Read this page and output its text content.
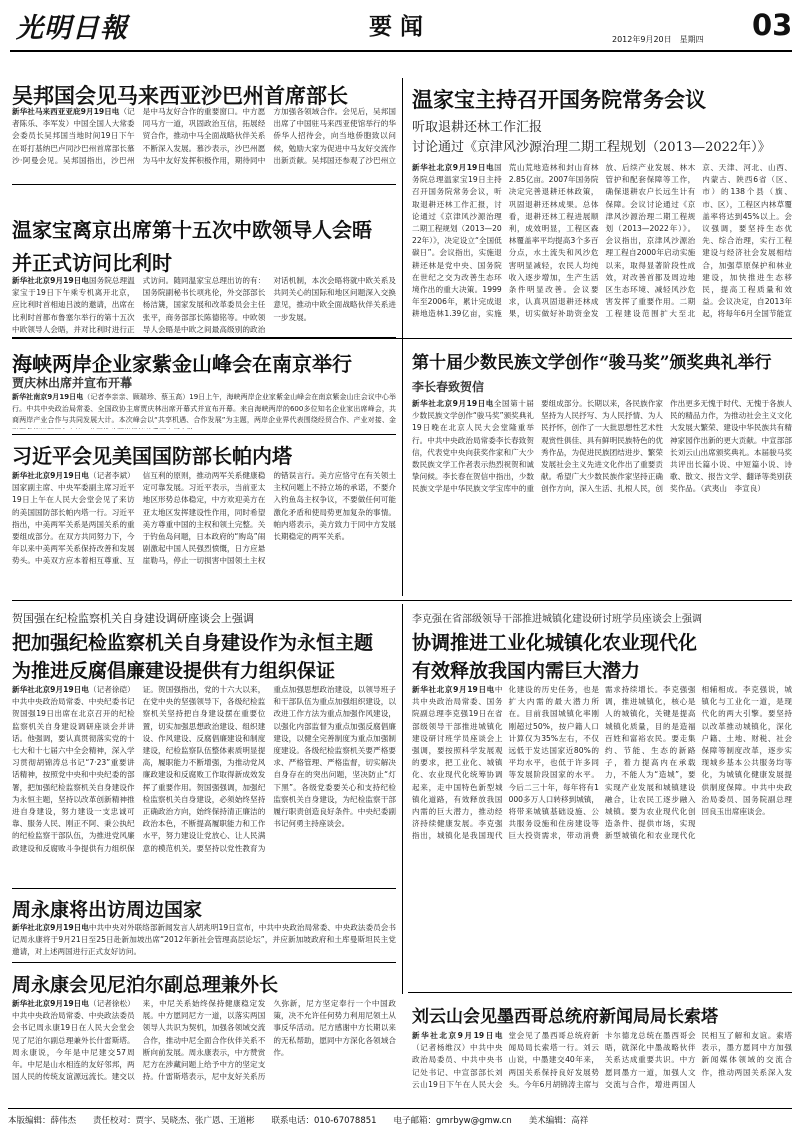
光明日報	要闻	2012年9月20日　星期四 03
吴邦国会见马来西亚沙巴州首席部长
新华社马来西亚亚庇9月19日电（记者陈乐、李军发）中国全国人大常委会委员长吴邦国当地时间19日下午在哥打基纳巴卢同沙巴州首席部长慕沙·阿曼会见。吴邦国指出，沙巴州是中马友好合作的重要窗口。中方愿同马方一道，巩固政治互信，拓展经贸合作，推动中马全面战略伙伴关系不断深入发展。慕沙表示，沙巴州愿为马中友好发挥积极作用，期待同中方加强各领域合作。会见后，吴邦国出席了中国驻马来西亚使馆举行的华侨华人招待会，向当地侨胞致以问候，勉励大家为促进中马友好交流作出新贡献。吴邦国还参观了沙巴州立
温家宝离京出席第十五次中欧领导人会晤
并正式访问比利时
新华社北京9月19日电国务院总理温家宝于19日下午乘专机离开北京，应比利时首相迪吕波的邀请，出席在比利时首都布鲁塞尔举行的第十五次中欧领导人会晤，并对比利时进行正式访问。随同温家宝总理出访的有：国务院副秘书长项兆伦，外交部部长杨洁篪，国家发展和改革委员会主任张平，商务部部长陈德铭等。中欧领导人会晤是中欧之间最高级别的政治对话机制，本次会晤将就中欧关系及共同关心的国际和地区问题深入交换意见，推动中欧全面战略伙伴关系进一步发展。
温家宝主持召开国务院常务会议
听取退耕还林工作汇报
讨论通过《京津风沙源治理二期工程规划（2013—2022年）》
新华社北京9月19日电国务院总理温家宝19日主持召开国务院常务会议，听取退耕还林工作汇报，讨论通过《京津风沙源治理二期工程规划（2013—2022年）》，决定设立“全国低碳日”。会议指出，实施退耕还林是党中央、国务院在世纪之交为改善生态环境作出的重大决策。1999年至2006年，累计完成退耕地造林1.39亿亩，实施荒山荒地造林和封山育林2.85亿亩。2007年国务院决定完善退耕还林政策，巩固退耕还林成果。总体看，退耕还林工程进展顺利，成效明显，工程区森林覆盖率平均提高3个多百分点，水土流失和风沙危害明显减轻，农民人均纯收入逐步增加，生产生活条件明显改善。会议要求，认真巩固退耕还林成果，切实做好补助资金发放、后续产业发展、林木管护和配套保障等工作，确保退耕农户长远生计有保障。会议讨论通过《京津风沙源治理二期工程规划（2013—2022年）》。会议指出，京津风沙源治理工程自2000年启动实施以来，取得显著阶段性成效，对改善首都及周边地区生态环境、减轻风沙危害发挥了重要作用。二期工程建设范围扩大至北京、天津、河北、山西、内蒙古、陕西6省（区、市）的138个县（旗、市、区），工程区内林草覆盖率将达到45%以上。会议强调，要坚持生态优先、综合治理，实行工程建设与经济社会发展相结合，加强草原保护和林业建设，加快推进生态移民，提高工程质量和效益。会议决定，自2013年起，将每年6月全国节能宣
海峡两岸企业家紫金山峰会在南京举行
贾庆林出席并宣布开幕
新华社南京9月19日电（记者李亲亲、顾瑞珍、蔡玉高）19日上午，海峡两岸企业家紫金山峰会在南京紫金山庄会议中心举行。中共中央政治局常委、全国政协主席贾庆林出席开幕式并宣布开幕。来自海峡两岸的600多位知名企业家出席峰会，共商两岸产业合作与共同发展大计。本次峰会以“共享机遇、合作发展”为主题，两岸企业界代表围绕经贸合作、产业对接、金
习近平会见美国国防部长帕内塔
新华社北京9月19日电（记者李斌）国家副主席、中央军委副主席习近平19日上午在人民大会堂会见了来访的美国国防部长帕内塔一行。习近平指出，中美两军关系是两国关系的重要组成部分。在双方共同努力下，今年以来中美两军关系保持改善和发展势头。中美双方应本着相互尊重、互信互利的原则，推动两军关系健康稳定可靠发展。习近平表示，当前亚太地区形势总体稳定，中方欢迎美方在亚太地区发挥建设性作用，同时希望美方尊重中国的主权和领土完整。关于钓鱼岛问题，日本政府的“购岛”闹剧激起中国人民强烈愤慨，日方应悬崖勒马，停止一切损害中国领土主权的错误言行。美方应恪守在有关领土主权问题上不持立场的承诺，不要介入钓鱼岛主权争议，不要做任何可能激化矛盾和使局势更加复杂的事情。帕内塔表示，美方致力于同中方发展长期稳定的两军关系。
第十届少数民族文学创作“骏马奖”颁奖典礼举行
李长春致贺信
新华社北京9月19日电全国第十届少数民族文学创作“骏马奖”颁奖典礼19日晚在北京人民大会堂隆重举行。中共中央政治局常委李长春致贺信，代表党中央向获奖作家和广大少数民族文学工作者表示热烈祝贺和诚挚问候。李长春在贺信中指出，少数民族文学是中华民族文学宝库中的重要组成部分。长期以来，各民族作家坚持为人民抒写、为人民抒情、为人民抒怀，创作了一大批思想性艺术性观赏性俱佳、具有鲜明民族特色的优秀作品，为促进民族团结进步、繁荣发展社会主义先进文化作出了重要贡献。希望广大少数民族作家坚持正确创作方向，深入生活、扎根人民，创作出更多无愧于时代、无愧于各族人民的精品力作，为推动社会主义文化大发展大繁荣、建设中华民族共有精神家园作出新的更大贡献。中宣部部长刘云山出席颁奖典礼。本届骏马奖共评出长篇小说、中短篇小说、诗歌、散文、报告文学、翻译等类别获奖作品。（武夷山　李宣良）
贺国强在纪检监察机关自身建设调研座谈会上强调
把加强纪检监察机关自身建设作为永恒主题
为推进反腐倡廉建设提供有力组织保证
新华社北京9月19日电（记者徐硙）中共中央政治局常委、中央纪委书记贺国强19日出席在北京召开的纪检监察机关自身建设调研座谈会并讲话。他强调，要认真贯彻落实党的十七大和十七届六中全会精神，深入学习贯彻胡锦涛总书记“7·23”重要讲话精神，按照党中央和中央纪委的部署，把加强纪检监察机关自身建设作为永恒主题，坚持以改革创新精神推进自身建设，努力建设一支忠诚可靠、服务人民、刚正不阿、秉公执纪的纪检监察干部队伍，为推进党风廉政建设和反腐败斗争提供有力组织保证。贺国强指出，党的十六大以来，在党中央的坚强领导下，各级纪检监察机关坚持把自身建设摆在重要位置，切实加强思想政治建设、组织建设、作风建设、反腐倡廉建设和制度建设，纪检监察队伍整体素质明显提高，履职能力不断增强，为推动党风廉政建设和反腐败工作取得新成效发挥了重要作用。贺国强强调，加强纪检监察机关自身建设，必须始终坚持正确政治方向，始终保持清正廉洁的政治本色，不断提高履职能力和工作水平，努力建设让党放心、让人民满意的模范机关。要坚持以党性教育为重点加强思想政治建设，以领导班子和干部队伍为重点加强组织建设，以改进工作方法为重点加强作风建设，以强化内部监督为重点加强反腐倡廉建设，以健全完善制度为重点加强制度建设。各级纪检监察机关要严格要求、严格管理、严格监督，切实解决自身存在的突出问题，坚决防止“灯下黑”。各级党委要关心和支持纪检监察机关自身建设，为纪检监察干部履行职责创造良好条件。中央纪委副书记何勇主持座谈会。
李克强在省部级领导干部推进城镇化建设研讨班学员座谈会上强调
协调推进工业化城镇化农业现代化
有效释放我国内需巨大潜力
新华社北京9月19日电中共中央政治局常委、国务院副总理李克强19日在省部级领导干部推进城镇化建设研讨班学员座谈会上强调，要按照科学发展观的要求，把工业化、城镇化、农业现代化统筹协调起来，走中国特色新型城镇化道路，有效释放我国内需的巨大潜力，推动经济持续健康发展。李克强指出，城镇化是我国现代化建设的历史任务，也是扩大内需的最大潜力所在。目前我国城镇化率刚刚超过50%，按户籍人口计算仅为35%左右，不仅远低于发达国家近80%的平均水平，也低于许多同等发展阶段国家的水平。今后二三十年，每年将有1000多万人口转移到城镇，将带来城镇基础设施、公共服务设施和住房建设等巨大投资需求，带动消费需求持续增长。李克强强调，推进城镇化，核心是人的城镇化，关键是提高城镇化质量，目的是造福百姓和富裕农民。要走集约、节能、生态的新路子，着力提高内在承载力，不能人为“造城”，要实现产业发展和城镇建设融合，让农民工逐步融入城镇。要为农业现代化创造条件、提供市场，实现新型城镇化和农业现代化相辅相成。李克强说，城镇化与工业化一道，是现代化的两大引擎。要坚持以改革推动城镇化，深化户籍、土地、财税、社会保障等制度改革，逐步实现城乡基本公共服务均等化，为城镇化健康发展提供制度保障。中共中央政治局委员、国务院副总理回良玉出席座谈会。
周永康将出访周边国家
新华社北京9月19日电中共中央对外联络部新闻发言人胡兆明19日宣布，中共中央政治局常委、中央政法委员会书记周永康将于9月21日至25日赴新加坡出席“2012年新社会管理高层论坛”，并应新加坡政府和土库曼斯坦民主党邀请，对上述两国进行正式友好访问。
周永康会见尼泊尔副总理兼外长
新华社北京9月19日电（记者徐松）中共中央政治局常委、中央政法委员会书记周永康19日在人民大会堂会见了尼泊尔副总理兼外长什雷斯塔。周永康说，今年是中尼建交57周年。中尼是山水相连的友好邻邦，两国人民的传统友谊源远流长。建交以来，中尼关系始终保持健康稳定发展。中方愿同尼方一道，以落实两国领导人共识为契机，加强各领域交流合作，推动中尼全面合作伙伴关系不断向前发展。周永康表示，中方赞赏尼方在涉藏问题上给予中方的坚定支持。什雷斯塔表示，尼中友好关系历久弥新，尼方坚定奉行一个中国政策，决不允许任何势力利用尼领土从事反华活动。尼方感谢中方长期以来的无私帮助，愿同中方深化各领域合作。
刘云山会见墨西哥总统府新闻局局长索塔
新华社北京9月19日电（记者杨维汉）中共中央政治局委员、中共中央书记处书记、中宣部部长刘云山19日下午在人民大会堂会见了墨西哥总统府新闻局局长索塔一行。刘云山说，中墨建交40年来，两国关系保持良好发展势头。今年6月胡锦涛主席与卡尔德龙总统在墨西哥会晤，就深化中墨战略伙伴关系达成重要共识。中方愿同墨方一道，加强人文交流与合作，增进两国人民相互了解和友谊。索塔表示，墨方愿同中方加强新闻媒体领域的交流合作，推动两国关系深入发
本版编辑：薛伟杰　　责任校对：贾宇、吴晓杰、张广恩、王道彬　　联系电话：010-67078851　　电子邮箱：gmrbyw@gmw.cn　　美术编辑：高祥
